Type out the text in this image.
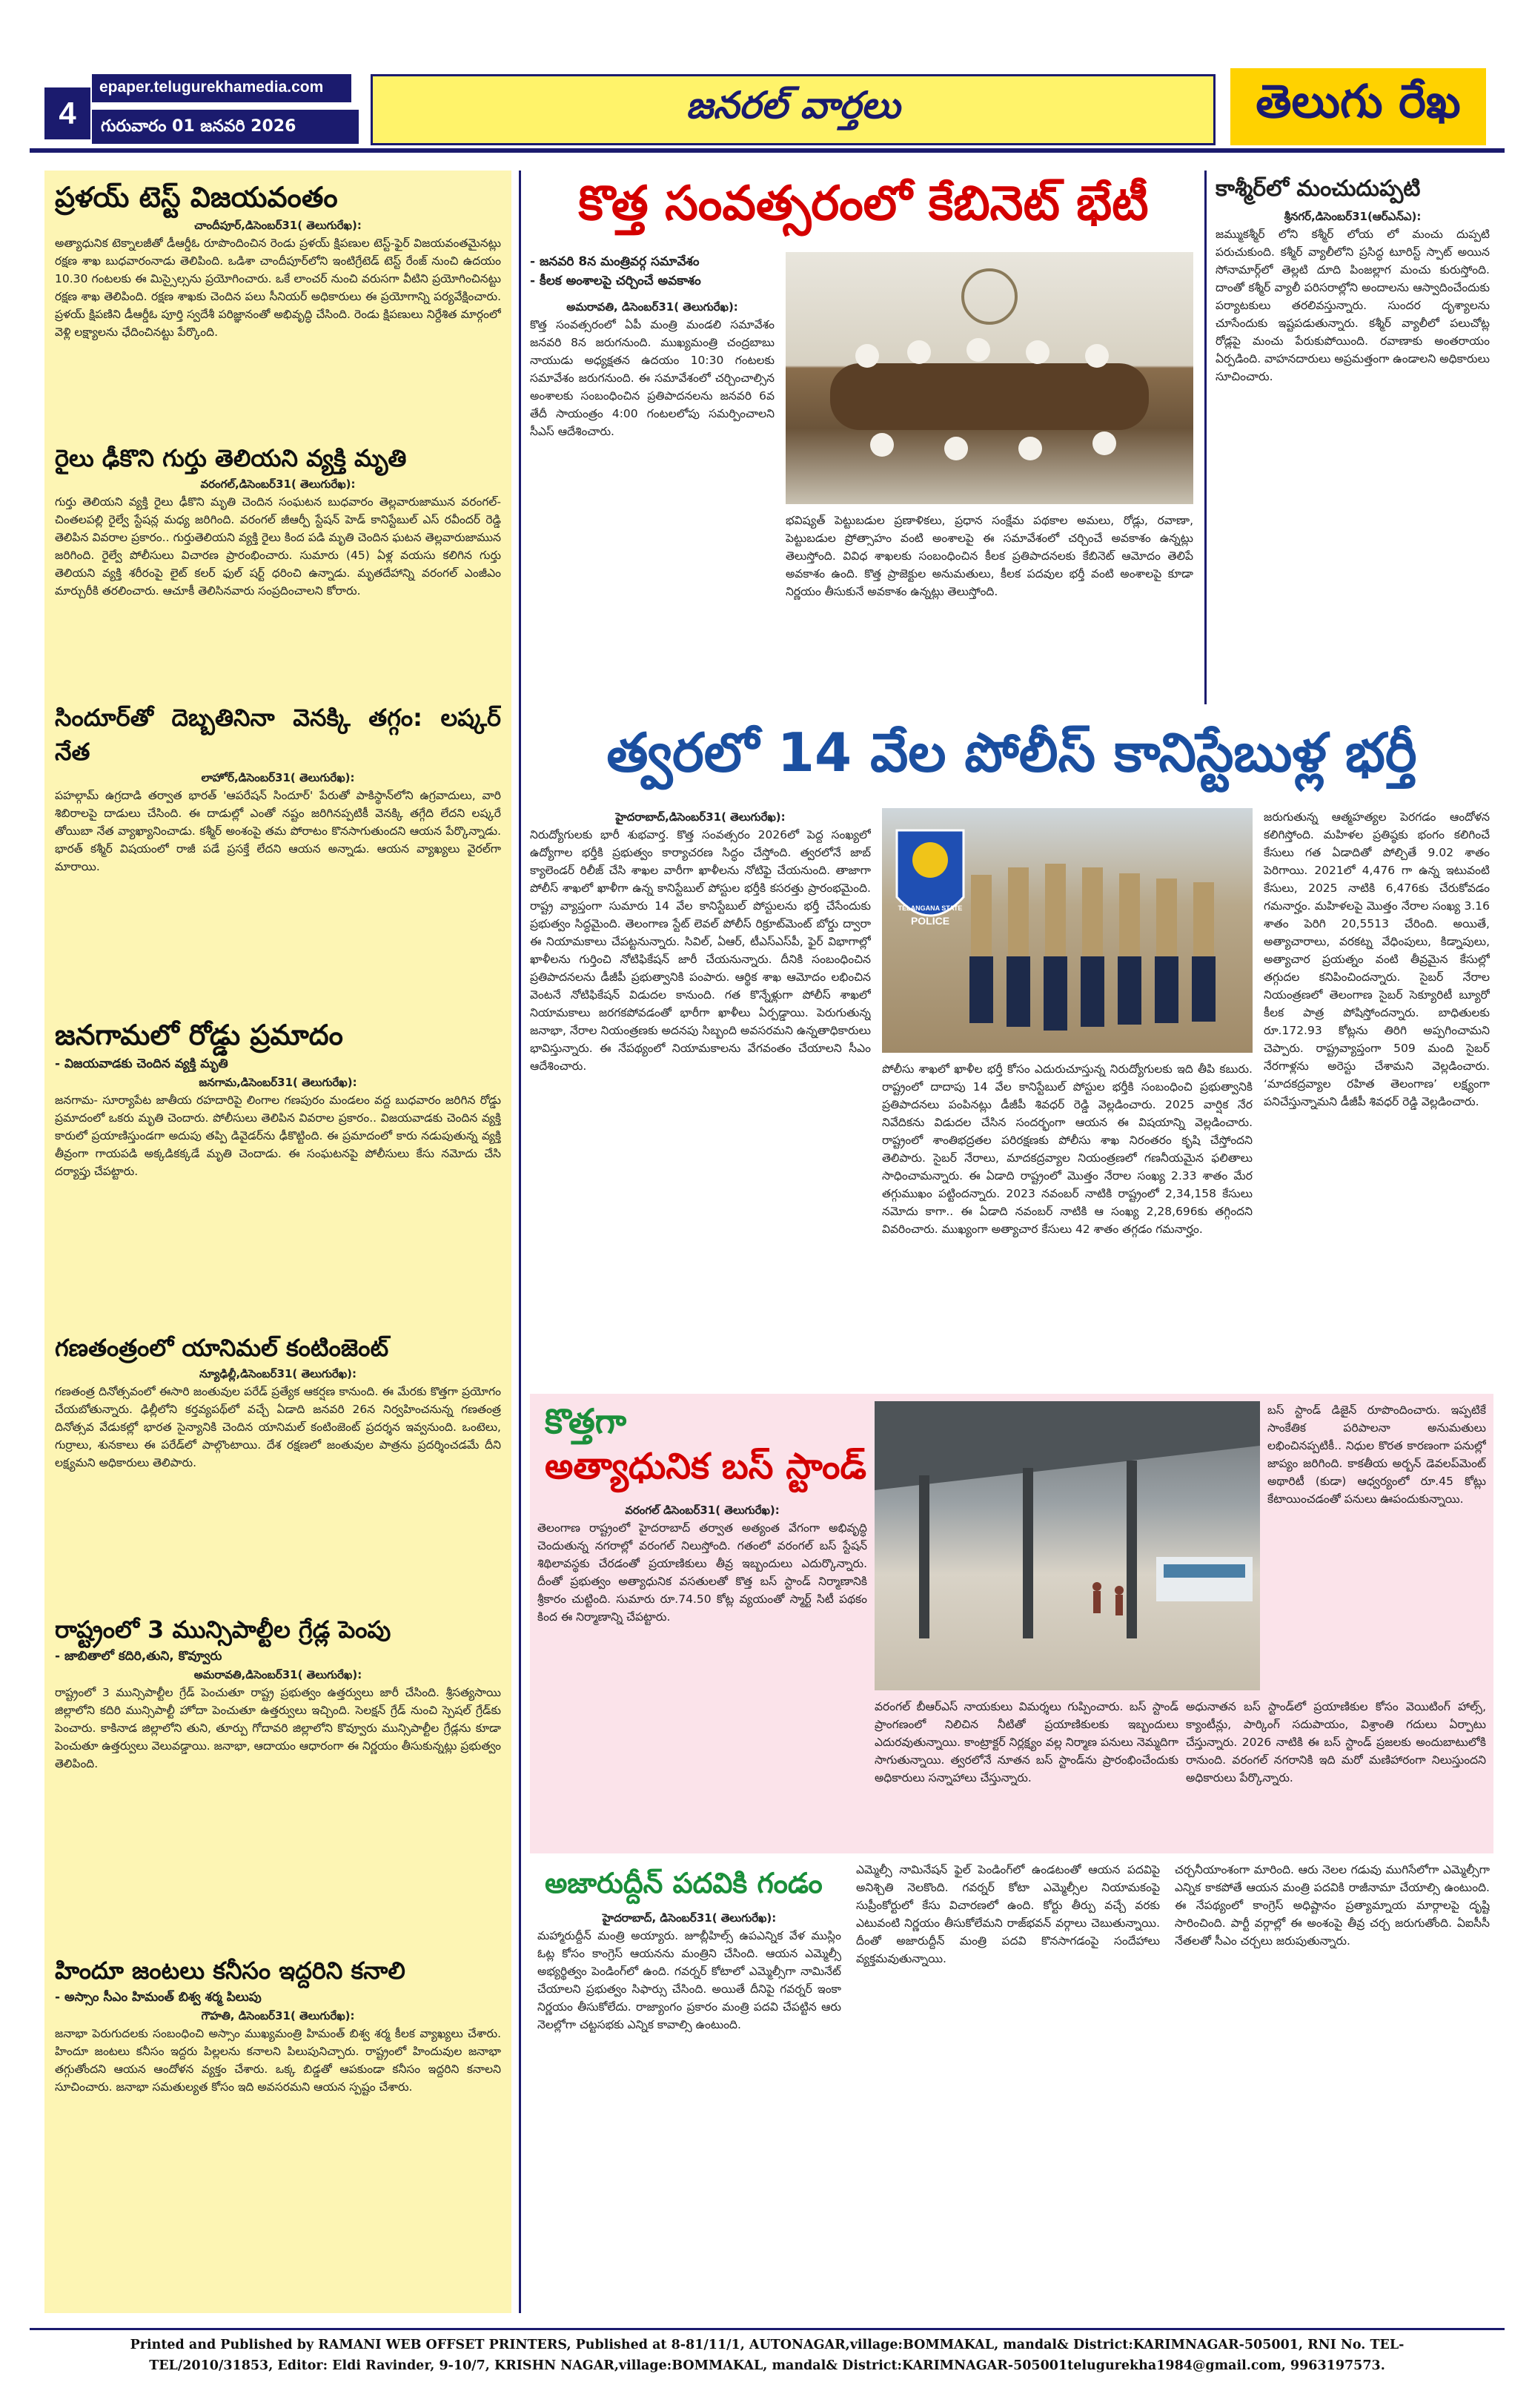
4
epaper.telugurekhamedia.com
గురువారం 01 జనవరి 2026	జనరల్ వార్తలు	తెలుగు రేఖ
ప్రళయ్ టెస్ట్ విజయవంతం
చాందీపూర్,డిసెంబర్31( తెలుగురేఖ):

అత్యాధునిక టెక్నాలజీతో డీఆర్డీఓ రూపొందించిన రెండు ప్రళయ్ క్షిపణుల టెస్ట్-ఫైర్ విజయవంతమైనట్లు రక్షణ శాఖ బుధవారంనాడు తెలిపింది. ఒడిశా చాందీపూర్‌లోని ఇంటిగ్రేటెడ్ టెస్ట్ రేంజ్ నుంచి ఉదయం 10.30 గంటలకు ఈ మిస్సైల్సను ప్రయోగించారు. ఒకే లాంచర్ నుంచి వరుసగా వీటిని ప్రయోగించినట్టు రక్షణ శాఖ తెలిపింది. రక్షణ శాఖకు చెందిన పలు సీనియర్ అధికారులు ఈ ప్రయోగాన్ని పర్యవేక్షించారు. ప్రళయ్ క్షిపణిని డీఆర్డీఓ పూర్తి స్వదేశీ పరిజ్ఞానంతో అభివృద్ధి చేసింది. రెండు క్షిపణులు నిర్దేశిత మార్గంలో వెళ్లి లక్ష్యాలను ఛేదించినట్టు పేర్కొంది.

రైలు ఢీకొని గుర్తు తెలియని వ్యక్తి మృతి
వరంగల్,డిసెంబర్31( తెలుగురేఖ):

గుర్తు తెలియని వ్యక్తి రైలు ఢీకొని మృతి చెందిన సంఘటన బుధవారం తెల్లవారుజామున వరంగల్-చింతలపల్లి రైల్వే స్టేషన్ల మధ్య జరిగింది. వరంగల్ జీఆర్పీ స్టేషన్ హెడ్ కానిస్టేబుల్ ఎస్ రవీందర్ రెడ్డి తెలిపిన వివరాల ప్రకారం.. గుర్తుతెలియని వ్యక్తి రైలు కింద పడి మృతి చెందిన ఘటన తెల్లవారుజామున జరిగింది. రైల్వే పోలీసులు విచారణ ప్రారంభించారు. సుమారు (45) ఏళ్ల వయసు కలిగిన గుర్తు తెలియని వ్యక్తి శరీరంపై లైట్ కలర్ ఫుల్ షర్ట్ ధరించి ఉన్నాడు. మృతదేహాన్ని వరంగల్ ఎంజీఎం మార్చురీకి తరలించారు. ఆచూకీ తెలిసినవారు సంప్రదించాలని కోరారు.

సిందూర్‌తో దెబ్బతినినా వెనక్కి తగ్గం: లష్కర్ నేత
లాహోర్,డిసెంబర్31( తెలుగురేఖ):

పహల్గామ్ ఉగ్రదాడి తర్వాత భారత్ 'ఆపరేషన్ సిందూర్' పేరుతో పాకిస్థాన్‌లోని ఉగ్రవాదులు, వారి శిబిరాలపై దాడులు చేసింది. ఈ దాడుల్లో ఎంతో నష్టం జరిగినప్పటికీ వెనక్కి తగ్గేది లేదని లష్కరే తోయిబా నేత వ్యాఖ్యానించాడు. కశ్మీర్ అంశంపై తమ పోరాటం కొనసాగుతుందని ఆయన పేర్కొన్నాడు. భారత్ కశ్మీర్ విషయంలో రాజీ పడే ప్రసక్తే లేదని ఆయన అన్నాడు. ఆయన వ్యాఖ్యలు వైరల్‌గా మారాయి.

జనగామలో రోడ్డు ప్రమాదం
- విజయవాడకు చెందిన వ్యక్తి మృతి
జనగామ,డిసెంబర్31( తెలుగురేఖ):

జనగామ- సూర్యాపేట జాతీయ రహదారిపై లింగాల గణపురం మండలం వద్ద బుధవారం జరిగిన రోడ్డు ప్రమాదంలో ఒకరు మృతి చెందారు. పోలీసులు తెలిపిన వివరాల ప్రకారం.. విజయవాడకు చెందిన వ్యక్తి కారులో ప్రయాణిస్తుండగా అదుపు తప్పి డివైడర్‌ను ఢీకొట్టింది. ఈ ప్రమాదంలో కారు నడుపుతున్న వ్యక్తి తీవ్రంగా గాయపడి అక్కడికక్కడే మృతి చెందాడు. ఈ సంఘటనపై పోలీసులు కేసు నమోదు చేసి దర్యాప్తు చేపట్టారు.

గణతంత్రంలో యానిమల్ కంటింజెంట్
న్యూఢిల్లీ,డిసెంబర్31( తెలుగురేఖ):

గణతంత్ర దినోత్సవంలో ఈసారి జంతువుల పరేడ్ ప్రత్యేక ఆకర్షణ కానుంది. ఈ మేరకు కొత్తగా ప్రయోగం చేయబోతున్నారు. ఢిల్లీలోని కర్తవ్యపథ్‌లో వచ్చే ఏడాది జనవరి 26న నిర్వహించనున్న గణతంత్ర దినోత్సవ వేడుకల్లో భారత సైన్యానికి చెందిన యానిమల్ కంటింజెంట్ ప్రదర్శన ఇవ్వనుంది. ఒంటెలు, గుర్రాలు, శునకాలు ఈ పరేడ్‌లో పాల్గొంటాయి. దేశ రక్షణలో జంతువుల పాత్రను ప్రదర్శించడమే దీని లక్ష్యమని అధికారులు తెలిపారు.

రాష్ట్రంలో 3 మున్సిపాల్టీల గ్రేడ్ల పెంపు
- జాబితాలో కదిరి,తుని, కొవ్వూరు
అమరావతి,డిసెంబర్31( తెలుగురేఖ):

రాష్ట్రంలో 3 మున్సిపాల్టీల గ్రేడ్ పెంచుతూ రాష్ట్ర ప్రభుత్వం ఉత్తర్వులు జారీ చేసింది. శ్రీసత్యసాయి జిల్లాలోని కదిరి మున్సిపాల్టీ హోదా పెంచుతూ ఉత్తర్వులు ఇచ్చింది. సెలక్షన్ గ్రేడ్ నుంచి స్పెషల్ గ్రేడ్‌కు పెంచారు. కాకినాడ జిల్లాలోని తుని, తూర్పు గోదావరి జిల్లాలోని కొవ్వూరు మున్సిపాల్టీల గ్రేడ్లను కూడా పెంచుతూ ఉత్తర్వులు వెలువడ్డాయి. జనాభా, ఆదాయం ఆధారంగా ఈ నిర్ణయం తీసుకున్నట్లు ప్రభుత్వం తెలిపింది.

హిందూ జంటలు కనీసం ఇద్దరిని కనాలి
- అస్సాం సీఎం హిమంత్ బిశ్వ శర్మ పిలుపు
గౌహతి, డిసెంబర్31( తెలుగురేఖ):

జనాభా పెరుగుదలకు సంబంధించి అస్సాం ముఖ్యమంత్రి హిమంత్ బిశ్వ శర్మ కీలక వ్యాఖ్యలు చేశారు. హిందూ జంటలు కనీసం ఇద్దరు పిల్లలను కనాలని పిలుపునిచ్చారు. రాష్ట్రంలో హిందువుల జనాభా తగ్గుతోందని ఆయన ఆందోళన వ్యక్తం చేశారు. ఒక్క బిడ్డతో ఆపకుండా కనీసం ఇద్దరిని కనాలని సూచించారు. జనాభా సమతుల్యత కోసం ఇది అవసరమని ఆయన స్పష్టం చేశారు.

కొత్త సంవత్సరంలో కేబినెట్ భేటీ
- జనవరి 8న మంత్రివర్గ సమావేశం
- కీలక అంశాలపై చర్చించే అవకాశం
అమరావతి, డిసెంబర్31( తెలుగురేఖ):

కొత్త సంవత్సరంలో ఏపీ మంత్రి మండలి సమావేశం జనవరి 8న జరుగనుంది. ముఖ్యమంత్రి చంద్రబాబు నాయుడు అధ్యక్షతన ఉదయం 10:30 గంటలకు సమావేశం జరుగనుంది. ఈ సమావేశంలో చర్చించాల్సిన అంశాలకు సంబంధించిన ప్రతిపాదనలను జనవరి 6వ తేదీ సాయంత్రం 4:00 గంటలలోపు సమర్పించాలని సీఎస్ ఆదేశించారు.

భవిష్యత్ పెట్టుబడుల ప్రణాళికలు, ప్రధాన సంక్షేమ పథకాల అమలు, రోడ్లు, రవాణా, పెట్టుబడుల ప్రోత్సాహం వంటి అంశాలపై ఈ సమావేశంలో చర్చించే అవకాశం ఉన్నట్లు తెలుస్తోంది. వివిధ శాఖలకు సంబంధించిన కీలక ప్రతిపాదనలకు కేబినెట్ ఆమోదం తెలిపే అవకాశం ఉంది. కొత్త ప్రాజెక్టుల అనుమతులు, కీలక పదవుల భర్తీ వంటి అంశాలపై కూడా నిర్ణయం తీసుకునే అవకాశం ఉన్నట్లు తెలుస్తోంది.

కాశ్మీర్‌లో మంచుదుప్పటి
శ్రీనగర్,డిసెంబర్31(ఆర్ఎన్ఎ):

జమ్ముకశ్మీర్ లోని కశ్మీర్ లోయ లో మంచు దుప్పటి పరుచుకుంది. కశ్మీర్ వ్యాలీలోని ప్రసిద్ధ టూరిస్ట్ స్పాట్ అయిన సోనామార్గ్‌లో తెల్లటి దూది పింజల్లాగ మంచు కురుస్తోంది. దాంతో కశ్మీర్ వ్యాలీ పరిసరాల్లోని అందాలను ఆస్వాదించేందుకు పర్యాటకులు తరలివస్తున్నారు. సుందర దృశ్యాలను చూసేందుకు ఇష్టపడుతున్నారు. కశ్మీర్ వ్యాలీలో పలుచోట్ల రోడ్లపై మంచు పేరుకుపోయింది. రవాణాకు అంతరాయం ఏర్పడింది. వాహనదారులు అప్రమత్తంగా ఉండాలని అధికారులు సూచించారు.

త్వరలో 14 వేల పోలీస్ కానిస్టేబుళ్ల భర్తీ
హైదరాబాద్,డిసెంబర్31( తెలుగురేఖ):

నిరుద్యోగులకు భారీ శుభవార్త. కొత్త సంవత్సరం 2026లో పెద్ద సంఖ్యలో ఉద్యోగాల భర్తీకి ప్రభుత్వం కార్యాచరణ సిద్ధం చేస్తోంది. త్వరలోనే జాబ్ క్యాలెండర్ రిలీజ్ చేసి శాఖల వారీగా ఖాళీలను నోటిఫై చేయనుంది. తాజాగా పోలీస్ శాఖలో ఖాళీగా ఉన్న కానిస్టేబుల్ పోస్టుల భర్తీకి కసరత్తు ప్రారంభమైంది. రాష్ట్ర వ్యాప్తంగా సుమారు 14 వేల కానిస్టేబుల్ పోస్టులను భర్తీ చేసేందుకు ప్రభుత్వం సిద్ధమైంది. తెలంగాణ స్టేట్ లెవల్ పోలీస్ రిక్రూట్‌మెంట్ బోర్డు ద్వారా ఈ నియామకాలు చేపట్టనున్నారు. సివిల్, ఏఆర్, టీఎస్ఎస్‌పీ, ఫైర్ విభాగాల్లో ఖాళీలను గుర్తించి నోటిఫికేషన్ జారీ చేయనున్నారు. దీనికి సంబంధించిన ప్రతిపాదనలను డీజీపీ ప్రభుత్వానికి పంపారు. ఆర్థిక శాఖ ఆమోదం లభించిన వెంటనే నోటిఫికేషన్ విడుదల కానుంది. గత కొన్నేళ్లుగా పోలీస్ శాఖలో నియామకాలు జరగకపోవడంతో భారీగా ఖాళీలు ఏర్పడ్డాయి. పెరుగుతున్న జనాభా, నేరాల నియంత్రణకు అదనపు సిబ్బంది అవసరమని ఉన్నతాధికారులు భావిస్తున్నారు. ఈ నేపథ్యంలో నియామకాలను వేగవంతం చేయాలని సీఎం ఆదేశించారు.

TELANGANA STATE
POLICE

పోలీసు శాఖలో ఖాళీల భర్తీ కోసం ఎదురుచూస్తున్న నిరుద్యోగులకు ఇది తీపి కబురు. రాష్ట్రంలో దాదాపు 14 వేల కానిస్టేబుల్ పోస్టుల భర్తీకి సంబంధించి ప్రభుత్వానికి ప్రతిపాదనలు పంపినట్లు డీజీపీ శివధర్ రెడ్డి వెల్లడించారు. 2025 వార్షిక నేర నివేదికను విడుదల చేసిన సందర్భంగా ఆయన ఈ విషయాన్ని వెల్లడించారు. రాష్ట్రంలో శాంతిభద్రతల పరిరక్షణకు పోలీసు శాఖ నిరంతరం కృషి చేస్తోందని తెలిపారు. సైబర్ నేరాలు, మాదకద్రవ్యాల నియంత్రణలో గణనీయమైన ఫలితాలు సాధించామన్నారు. ఈ ఏడాది రాష్ట్రంలో మొత్తం నేరాల సంఖ్య 2.33 శాతం మేర తగ్గుముఖం పట్టిందన్నారు. 2023 నవంబర్ నాటికి రాష్ట్రంలో 2,34,158 కేసులు నమోదు కాగా.. ఈ ఏడాది నవంబర్ నాటికి ఆ సంఖ్య 2,28,696కు తగ్గిందని వివరించారు. ముఖ్యంగా అత్యాచార కేసులు 42 శాతం తగ్గడం గమనార్హం.

జరుగుతున్న ఆత్మహత్యల పెరగడం ఆందోళన కలిగిస్తోంది. మహిళల ప్రతిష్ఠకు భంగం కలిగించే కేసులు గత ఏడాదితో పోల్చితే 9.02 శాతం పెరిగాయి. 2021లో 4,476 గా ఉన్న ఇటువంటి కేసులు, 2025 నాటికి 6,476కు చేరుకోవడం గమనార్హం. మహిళలపై మొత్తం నేరాల సంఖ్య 3.16 శాతం పెరిగి 20,5513 చేరింది. అయితే, అత్యాచారాలు, వరకట్న వేధింపులు, కిడ్నాపులు, అత్యాచార ప్రయత్నం వంటి తీవ్రమైన కేసుల్లో తగ్గుదల కనిపించిందన్నారు. సైబర్ నేరాల నియంత్రణలో తెలంగాణ సైబర్ సెక్యూరిటీ బ్యూరో కీలక పాత్ర పోషిస్తోందన్నారు. బాధితులకు రూ.172.93 కోట్లను తిరిగి అప్పగించామని చెప్పారు. రాష్ట్రవ్యాప్తంగా 509 మంది సైబర్ నేరగాళ్లను అరెస్టు చేశామని వెల్లడించారు. ‘మాదకద్రవ్యాల రహిత తెలంగాణ’ లక్ష్యంగా పనిచేస్తున్నామని డీజీపీ శివధర్ రెడ్డి వెల్లడించారు.

కొత్తగా
అత్యాధునిక బస్ స్టాండ్
వరంగల్ డిసెంబర్31( తెలుగురేఖ):

తెలంగాణ రాష్ట్రంలో హైదరాబాద్ తర్వాత అత్యంత వేగంగా అభివృద్ధి చెందుతున్న నగరాల్లో వరంగల్ నిలుస్తోంది. గతంలో వరంగల్ బస్ స్టేషన్ శిథిలావస్థకు చేరడంతో ప్రయాణికులు తీవ్ర ఇబ్బందులు ఎదుర్కొన్నారు. దీంతో ప్రభుత్వం అత్యాధునిక వసతులతో కొత్త బస్ స్టాండ్ నిర్మాణానికి శ్రీకారం చుట్టింది. సుమారు రూ.74.50 కోట్ల వ్యయంతో స్మార్ట్ సిటీ పథకం కింద ఈ నిర్మాణాన్ని చేపట్టారు.

బస్ స్టాండ్ డిజైన్ రూపొందించారు. ఇప్పటికే సాంకేతిక పరిపాలనా అనుమతులు లభించినప్పటికీ.. నిధుల కొరత కారణంగా పనుల్లో జాప్యం జరిగింది. కాకతీయ అర్బన్ డెవలప్‌మెంట్ అథారిటీ (కుడా) ఆధ్వర్యంలో రూ.45 కోట్లు కేటాయించడంతో పనులు ఊపందుకున్నాయి.

వరంగల్ బీఆర్ఎస్ నాయకులు విమర్శలు గుప్పించారు. బస్ స్టాండ్ ప్రాంగణంలో నిలిచిన నీటితో ప్రయాణికులకు ఇబ్బందులు ఎదురవుతున్నాయి. కాంట్రాక్టర్ నిర్లక్ష్యం వల్ల నిర్మాణ పనులు నెమ్మదిగా సాగుతున్నాయి. త్వరలోనే నూతన బస్ స్టాండ్‌ను ప్రారంభించేందుకు అధికారులు సన్నాహాలు చేస్తున్నారు.

అధునాతన బస్ స్టాండ్‌లో ప్రయాణికుల కోసం వెయిటింగ్ హాల్స్, క్యాంటీన్లు, పార్కింగ్ సదుపాయం, విశ్రాంతి గదులు ఏర్పాటు చేస్తున్నారు. 2026 నాటికి ఈ బస్ స్టాండ్ ప్రజలకు అందుబాటులోకి రానుంది. వరంగల్ నగరానికి ఇది మరో మణిహారంగా నిలుస్తుందని అధికారులు పేర్కొన్నారు.

అజారుద్దీన్ పదవికి గండం
హైదరాబాద్, డిసెంబర్31( తెలుగురేఖ):

మహ్మారుద్దీన్ మంత్రి అయ్యారు. జూబ్లీహిల్స్ ఉపఎన్నిక వేళ ముస్లిం ఓట్ల కోసం కాంగ్రెస్ ఆయనను మంత్రిని చేసింది. ఆయన ఎమ్మెల్సీ అభ్యర్థిత్వం పెండింగ్‌లో ఉంది. గవర్నర్ కోటాలో ఎమ్మెల్సీగా నామినేట్ చేయాలని ప్రభుత్వం సిఫార్సు చేసింది. అయితే దీనిపై గవర్నర్ ఇంకా నిర్ణయం తీసుకోలేదు. రాజ్యాంగం ప్రకారం మంత్రి పదవి చేపట్టిన ఆరు నెలల్లోగా చట్టసభకు ఎన్నిక కావాల్సి ఉంటుంది.

ఎమ్మెల్సీ నామినేషన్ ఫైల్ పెండింగ్‌లో ఉండటంతో ఆయన పదవిపై అనిశ్చితి నెలకొంది. గవర్నర్ కోటా ఎమ్మెల్సీల నియామకంపై సుప్రీంకోర్టులో కేసు విచారణలో ఉంది. కోర్టు తీర్పు వచ్చే వరకు ఎటువంటి నిర్ణయం తీసుకోలేమని రాజ్‌భవన్ వర్గాలు చెబుతున్నాయి. దీంతో అజారుద్దీన్ మంత్రి పదవి కొనసాగడంపై సందేహాలు వ్యక్తమవుతున్నాయి.

చర్చనీయాంశంగా మారింది. ఆరు నెలల గడువు ముగిసేలోగా ఎమ్మెల్సీగా ఎన్నిక కాకపోతే ఆయన మంత్రి పదవికి రాజీనామా చేయాల్సి ఉంటుంది. ఈ నేపథ్యంలో కాంగ్రెస్ అధిష్టానం ప్రత్యామ్నాయ మార్గాలపై దృష్టి సారించింది. పార్టీ వర్గాల్లో ఈ అంశంపై తీవ్ర చర్చ జరుగుతోంది. ఏఐసీసీ నేతలతో సీఎం చర్చలు జరుపుతున్నారు.

Printed and Published by RAMANI WEB OFFSET PRINTERS, Published at 8-81/11/1, AUTONAGAR,village:BOMMAKAL, mandal& District:KARIMNAGAR-505001, RNI No. TEL-
TEL/2010/31853, Editor: Eldi Ravinder, 9-10/7, KRISHN NAGAR,village:BOMMAKAL, mandal& District:KARIMNAGAR-505001telugurekha1984@gmail.com, 9963197573.
